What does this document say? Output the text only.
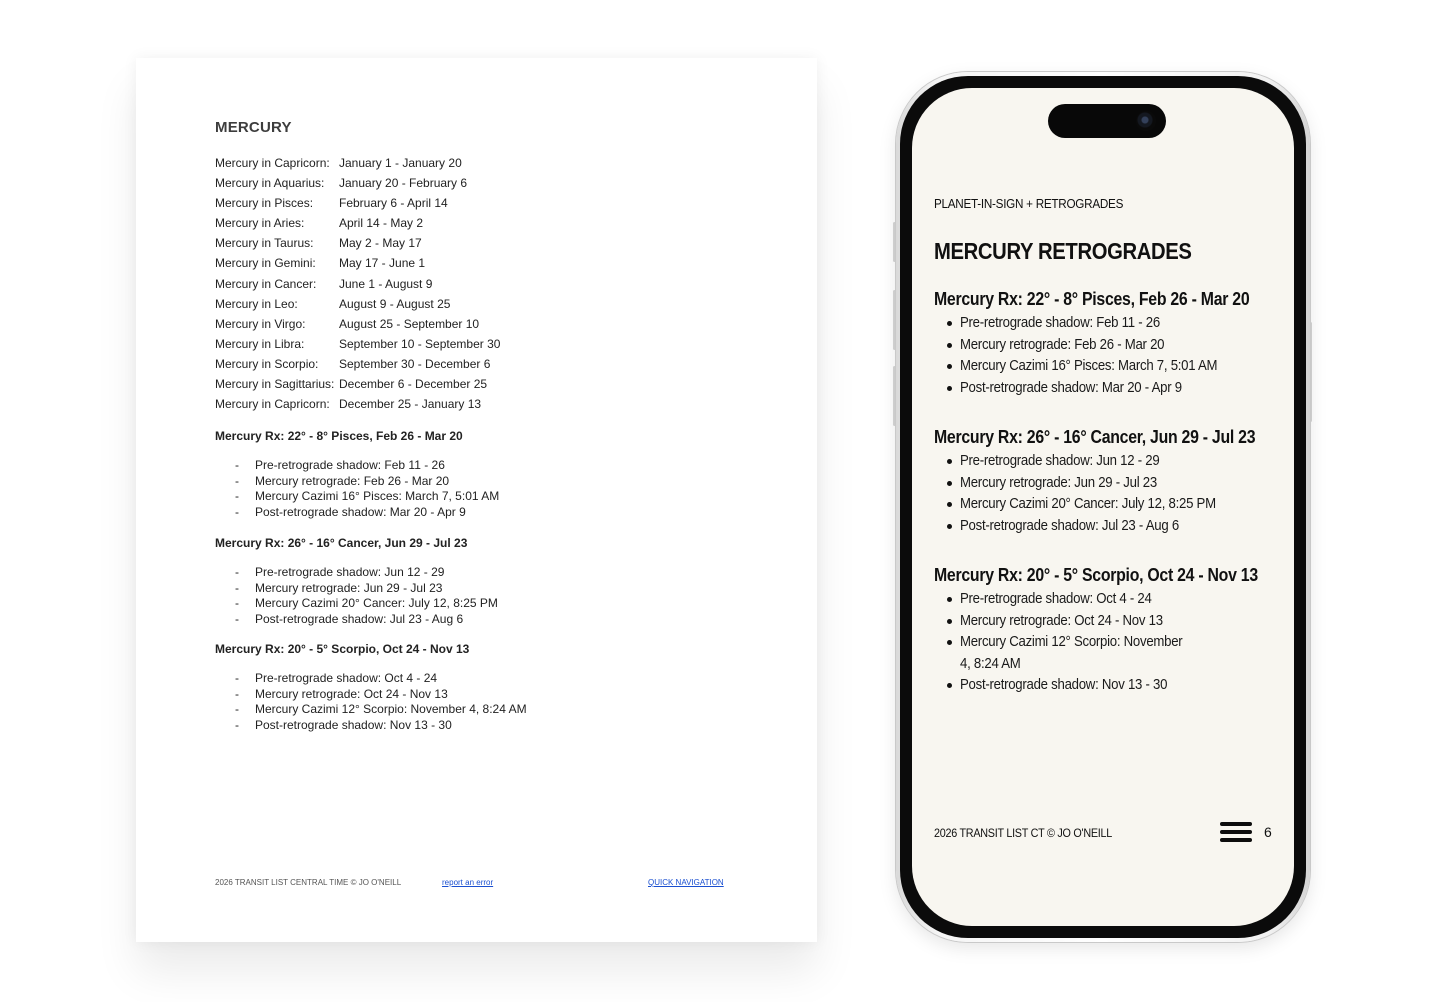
MERCURY
Mercury in Capricorn: January 1 - January 20
Mercury in Aquarius: January 20 - February 6
Mercury in Pisces: February 6 - April 14
Mercury in Aries:	April 14 - May 2
Mercury in Taurus: May 2 - May 17
Mercury in Gemini: May 17 - June 1
Mercury in Cancer: June 1 - August 9
Mercury in Leo:	August 9 - August 25
Mercury in Virgo:	August 25 - September 10
Mercury in Libra:	September 10 - September 30
Mercury in Scorpio: September 30 - December 6
Mercury in Sagittarius: December 6 - December 25
Mercury in Capricorn: December 25 - January 13
Mercury Rx: 22° - 8° Pisces, Feb 26 - Mar 20
- Pre-retrograde shadow: Feb 11 - 26
- Mercury retrograde: Feb 26 - Mar 20
- Mercury Cazimi 16° Pisces: March 7, 5:01 AM
- Post-retrograde shadow: Mar 20 - Apr 9
Mercury Rx: 26° - 16° Cancer, Jun 29 - Jul 23
- Pre-retrograde shadow: Jun 12 - 29
- Mercury retrograde: Jun 29 - Jul 23
- Mercury Cazimi 20° Cancer: July 12, 8:25 PM
- Post-retrograde shadow: Jul 23 - Aug 6
Mercury Rx: 20° - 5° Scorpio, Oct 24 - Nov 13
- Pre-retrograde shadow: Oct 4 - 24
- Mercury retrograde: Oct 24 - Nov 13
- Mercury Cazimi 12° Scorpio: November 4, 8:24 AM
- Post-retrograde shadow: Nov 13 - 30
2026 TRANSIT LIST CENTRAL TIME © JO O'NEILL	report an error	QUICK NAVIGATION
PLANET-IN-SIGN + RETROGRADES
MERCURY RETROGRADES
Mercury Rx: 22° - 8° Pisces, Feb 26 - Mar 20
Pre-retrograde shadow: Feb 11 - 26
Mercury retrograde: Feb 26 - Mar 20
Mercury Cazimi 16° Pisces: March 7, 5:01 AM
Post-retrograde shadow: Mar 20 - Apr 9
Mercury Rx: 26° - 16° Cancer, Jun 29 - Jul 23
Pre-retrograde shadow: Jun 12 - 29
Mercury retrograde: Jun 29 - Jul 23
Mercury Cazimi 20° Cancer: July 12, 8:25 PM
Post-retrograde shadow: Jul 23 - Aug 6
Mercury Rx: 20° - 5° Scorpio, Oct 24 - Nov 13
Pre-retrograde shadow: Oct 4 - 24
Mercury retrograde: Oct 24 - Nov 13
Mercury Cazimi 12° Scorpio: November 4, 8:24 AM
Post-retrograde shadow: Nov 13 - 30
2026 TRANSIT LIST CT © JO O'NEILL	6
